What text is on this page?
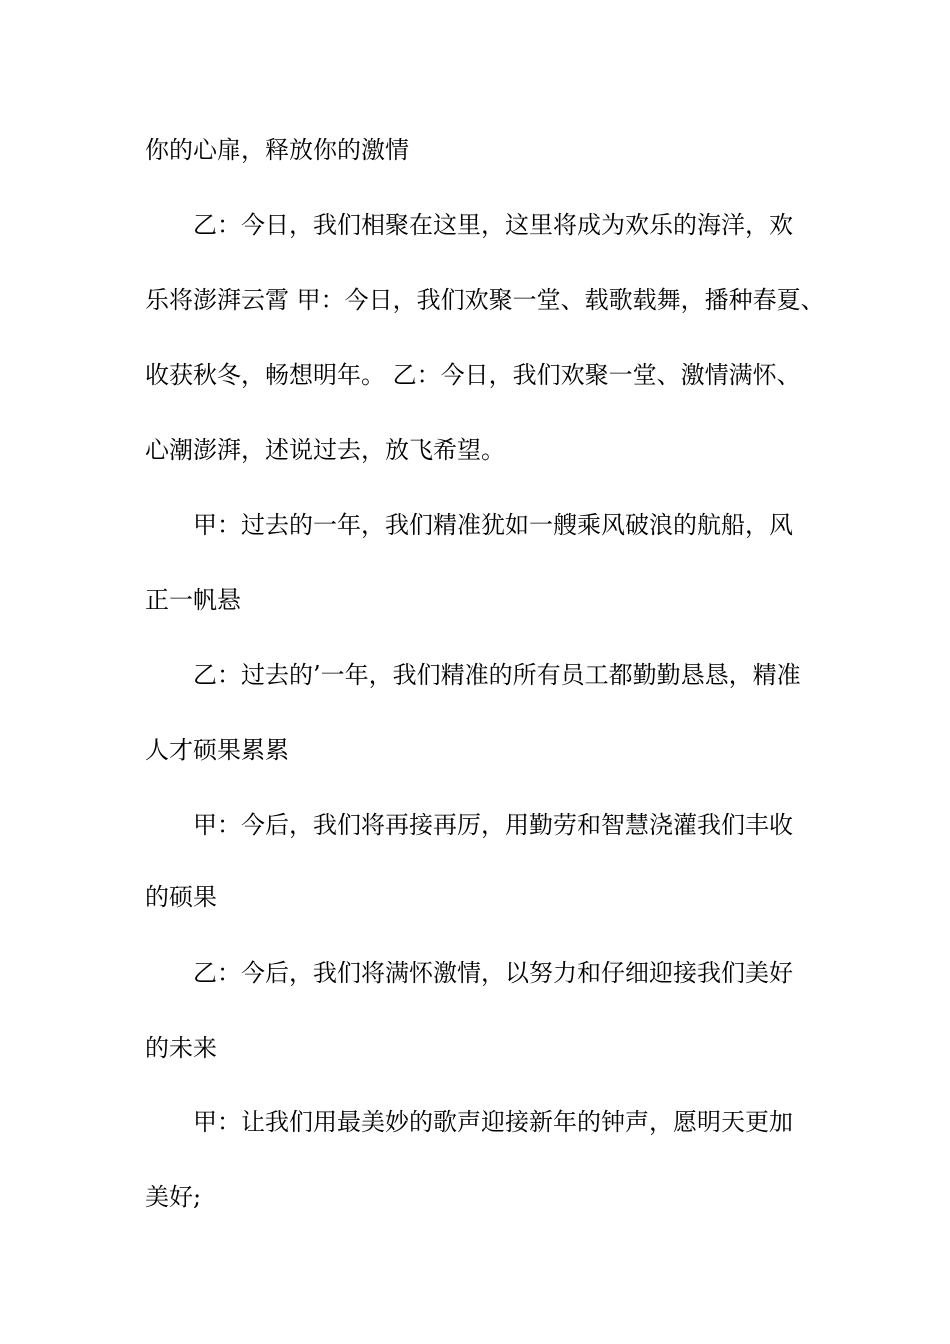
你的心扉，释放你的激情
乙：今日，我们相聚在这里，这里将成为欢乐的海洋，欢
乐将澎湃云霄 甲：今日，我们欢聚一堂、载歌载舞，播种春夏、
收获秋冬，畅想明年。 乙：今日，我们欢聚一堂、激情满怀、
心潮澎湃，述说过去，放飞希望。
甲：过去的一年，我们精准犹如一艘乘风破浪的航船，风
正一帆悬
乙：过去的’一年，我们精准的所有员工都勤勤恳恳，精准
人才硕果累累
甲：今后，我们将再接再厉，用勤劳和智慧浇灌我们丰收
的硕果
乙：今后，我们将满怀激情，以努力和仔细迎接我们美好
的未来
甲：让我们用最美妙的歌声迎接新年的钟声，愿明天更加
美好;
